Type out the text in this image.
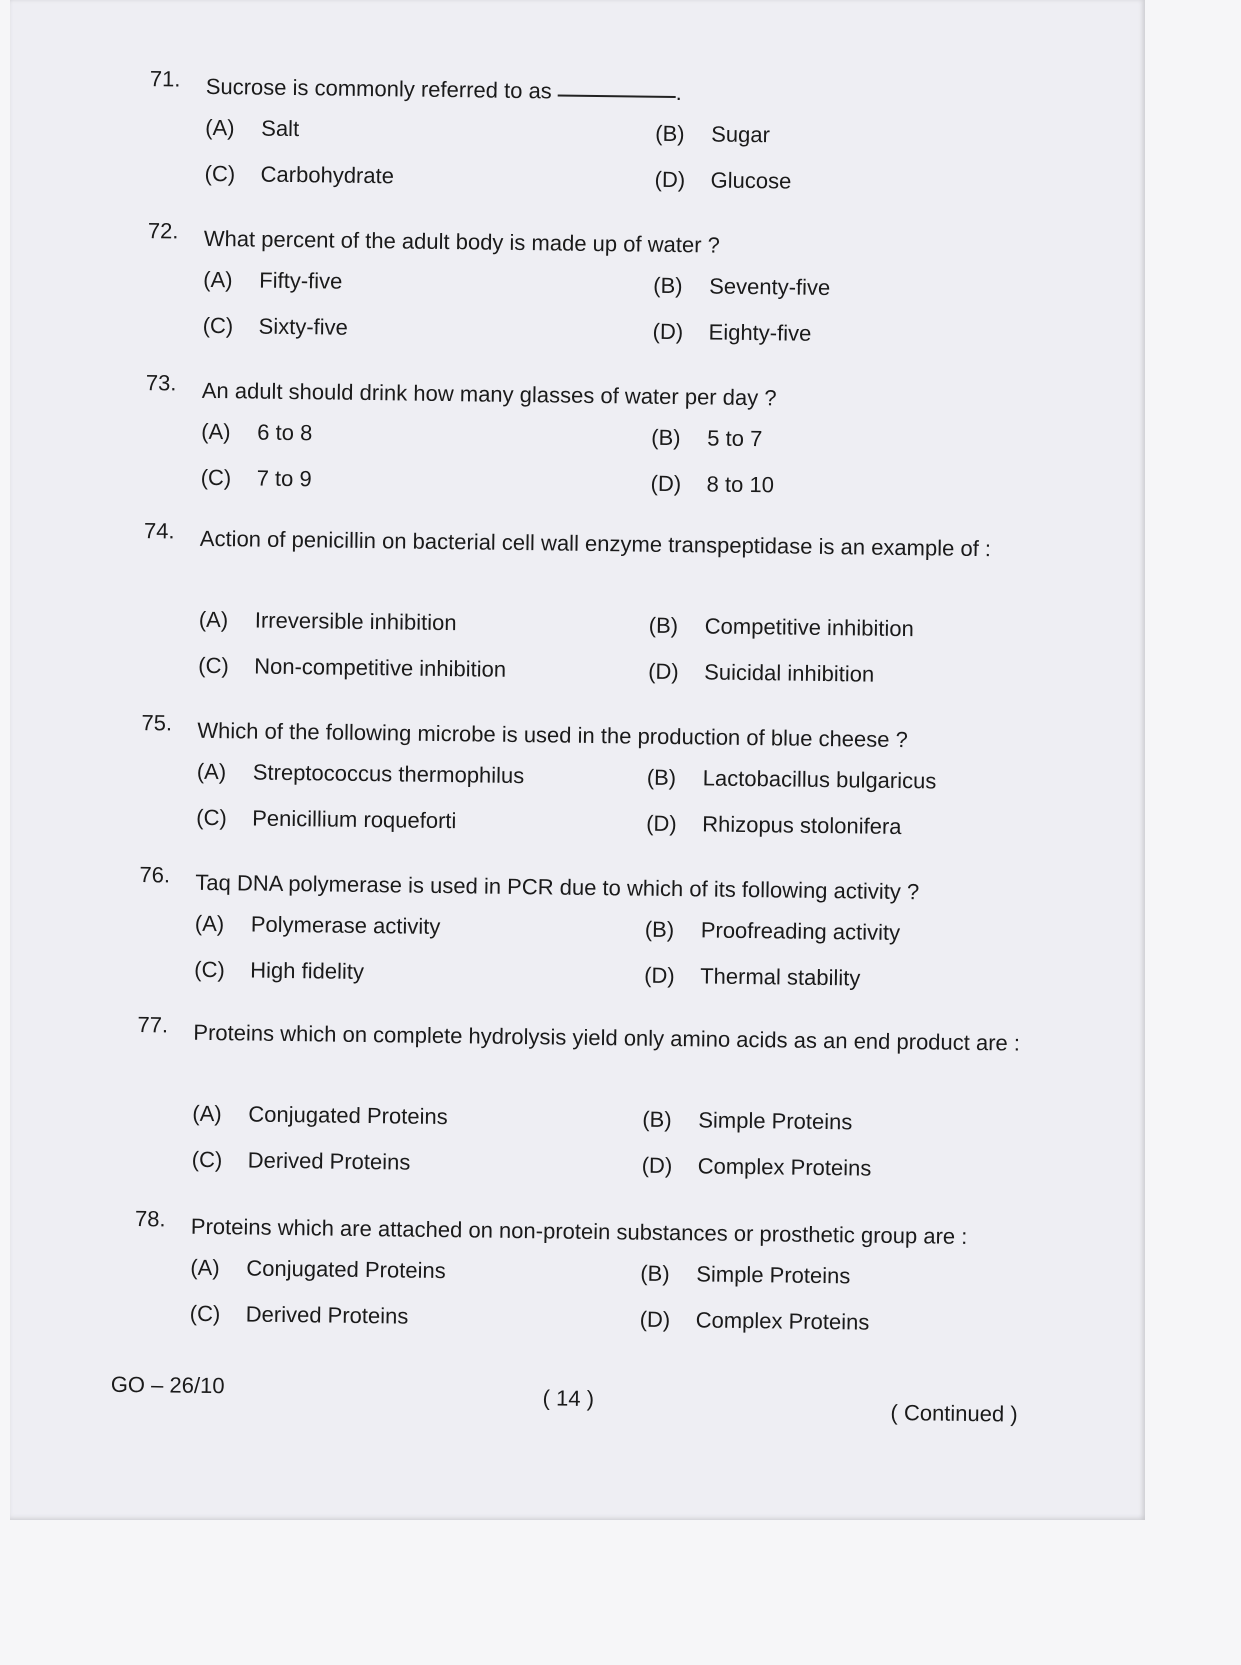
71.	Sucrose is commonly referred to as	.
(A) Salt	(B) Sugar
(C) Carbohydrate	(D) Glucose
72.	What percent of the adult body is made up of water ?
(A) Fifty-five	(B) Seventy-five
(C) Sixty-five	(D) Eighty-five
73.	An adult should drink how many glasses of water per day ?
(A) 6 to 8	(B) 5 to 7
(C) 7 to 9	(D) 8 to 10
74.	Action of penicillin on bacterial cell wall enzyme transpeptidase is an example of :
(A) Irreversible inhibition	(B) Competitive inhibition
(C) Non-competitive inhibition	(D) Suicidal inhibition
75.	Which of the following microbe is used in the production of blue cheese ?
(A) Streptococcus thermophilus	(B) Lactobacillus bulgaricus
(C) Penicillium roqueforti	(D) Rhizopus stolonifera
76.	Taq DNA polymerase is used in PCR due to which of its following activity ?
(A) Polymerase activity	(B) Proofreading activity
(C) High fidelity	(D) Thermal stability
77.	Proteins which on complete hydrolysis yield only amino acids as an end product are :
(A) Conjugated Proteins	(B) Simple Proteins
(C) Derived Proteins	(D) Complex Proteins
78.	Proteins which are attached on non-protein substances or prosthetic group are :
(A) Conjugated Proteins	(B) Simple Proteins
(C) Derived Proteins	(D) Complex Proteins
GO – 26/10
( 14 )
( Continued )
